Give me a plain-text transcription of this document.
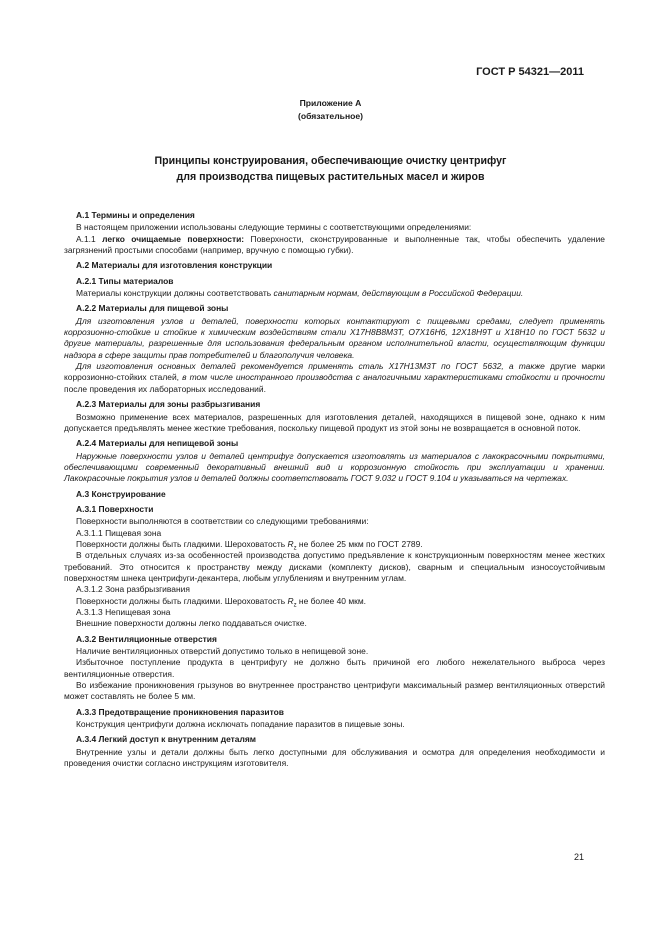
ГОСТ Р 54321—2011
Приложение А
(обязательное)
Принципы конструирования, обеспечивающие очистку центрифуг
для производства пищевых растительных масел и жиров
А.1 Термины и определения
В настоящем приложении использованы следующие термины с соответствующими определениями:
А.1.1 легко очищаемые поверхности: Поверхности, сконструированные и выполненные так, чтобы обеспечить удаление загрязнений простыми способами (например, вручную с помощью губки).
А.2 Материалы для изготовления конструкции
А.2.1 Типы материалов
Материалы конструкции должны соответствовать санитарным нормам, действующим в Российской Федерации.
А.2.2 Материалы для пищевой зоны
Для изготовления узлов и деталей, поверхности которых контактируют с пищевыми средами, следует применять коррозионно-стойкие и стойкие к химическим воздействиям стали Х17Н8В8М3Т, О7Х16Н6, 12Х18Н9Т и Х18Н10 по ГОСТ 5632 и другие материалы, разрешенные для использования федеральным органом исполнительной власти, осуществляющим функции надзора в сфере защиты прав потребителей и благополучия человека.
Для изготовления основных деталей рекомендуется применять сталь Х17Н13М3Т по ГОСТ 5632, а также другие марки коррозионно-стойких сталей, в том числе иностранного производства с аналогичными характеристиками стойкости и прочности после проведения их лабораторных исследований.
А.2.3 Материалы для зоны разбрызгивания
Возможно применение всех материалов, разрешенных для изготовления деталей, находящихся в пищевой зоне, однако к ним допускается предъявлять менее жесткие требования, поскольку пищевой продукт из этой зоны не возвращается в основной поток.
А.2.4 Материалы для непищевой зоны
Наружные поверхности узлов и деталей центрифуг допускается изготовлять из материалов с лакокрасочными покрытиями, обеспечивающими современный декоративный внешний вид и коррозионную стойкость при эксплуатации и хранении. Лакокрасочные покрытия узлов и деталей должны соответствовать ГОСТ 9.032 и ГОСТ 9.104 и указываться на чертежах.
А.3 Конструирование
А.3.1 Поверхности
Поверхности выполняются в соответствии со следующими требованиями:
А.3.1.1 Пищевая зона
Поверхности должны быть гладкими. Шероховатость $R_z$ не более 25 мкм по ГОСТ 2789.
В отдельных случаях из-за особенностей производства допустимо предъявление к конструкционным поверхностям менее жестких требований. Это относится к пространству между дисками (комплекту дисков), сварным и специальным износоустойчивым поверхностям шнека центрифуги-декантера, любым углублениям и внутренним углам.
А.3.1.2 Зона разбрызгивания
Поверхности должны быть гладкими. Шероховатость $R_z$ не более 40 мкм.
А.3.1.3 Непищевая зона
Внешние поверхности должны легко поддаваться очистке.
А.3.2 Вентиляционные отверстия
Наличие вентиляционных отверстий допустимо только в непищевой зоне.
Избыточное поступление продукта в центрифугу не должно быть причиной его любого нежелательного выброса через вентиляционные отверстия.
Во избежание проникновения грызунов во внутреннее пространство центрифуги максимальный размер вентиляционных отверстий может составлять не более 5 мм.
А.3.3 Предотвращение проникновения паразитов
Конструкция центрифуги должна исключать попадание паразитов в пищевые зоны.
А.3.4 Легкий доступ к внутренним деталям
Внутренние узлы и детали должны быть легко доступными для обслуживания и осмотра для определения необходимости и проведения очистки согласно инструкциям изготовителя.
21
